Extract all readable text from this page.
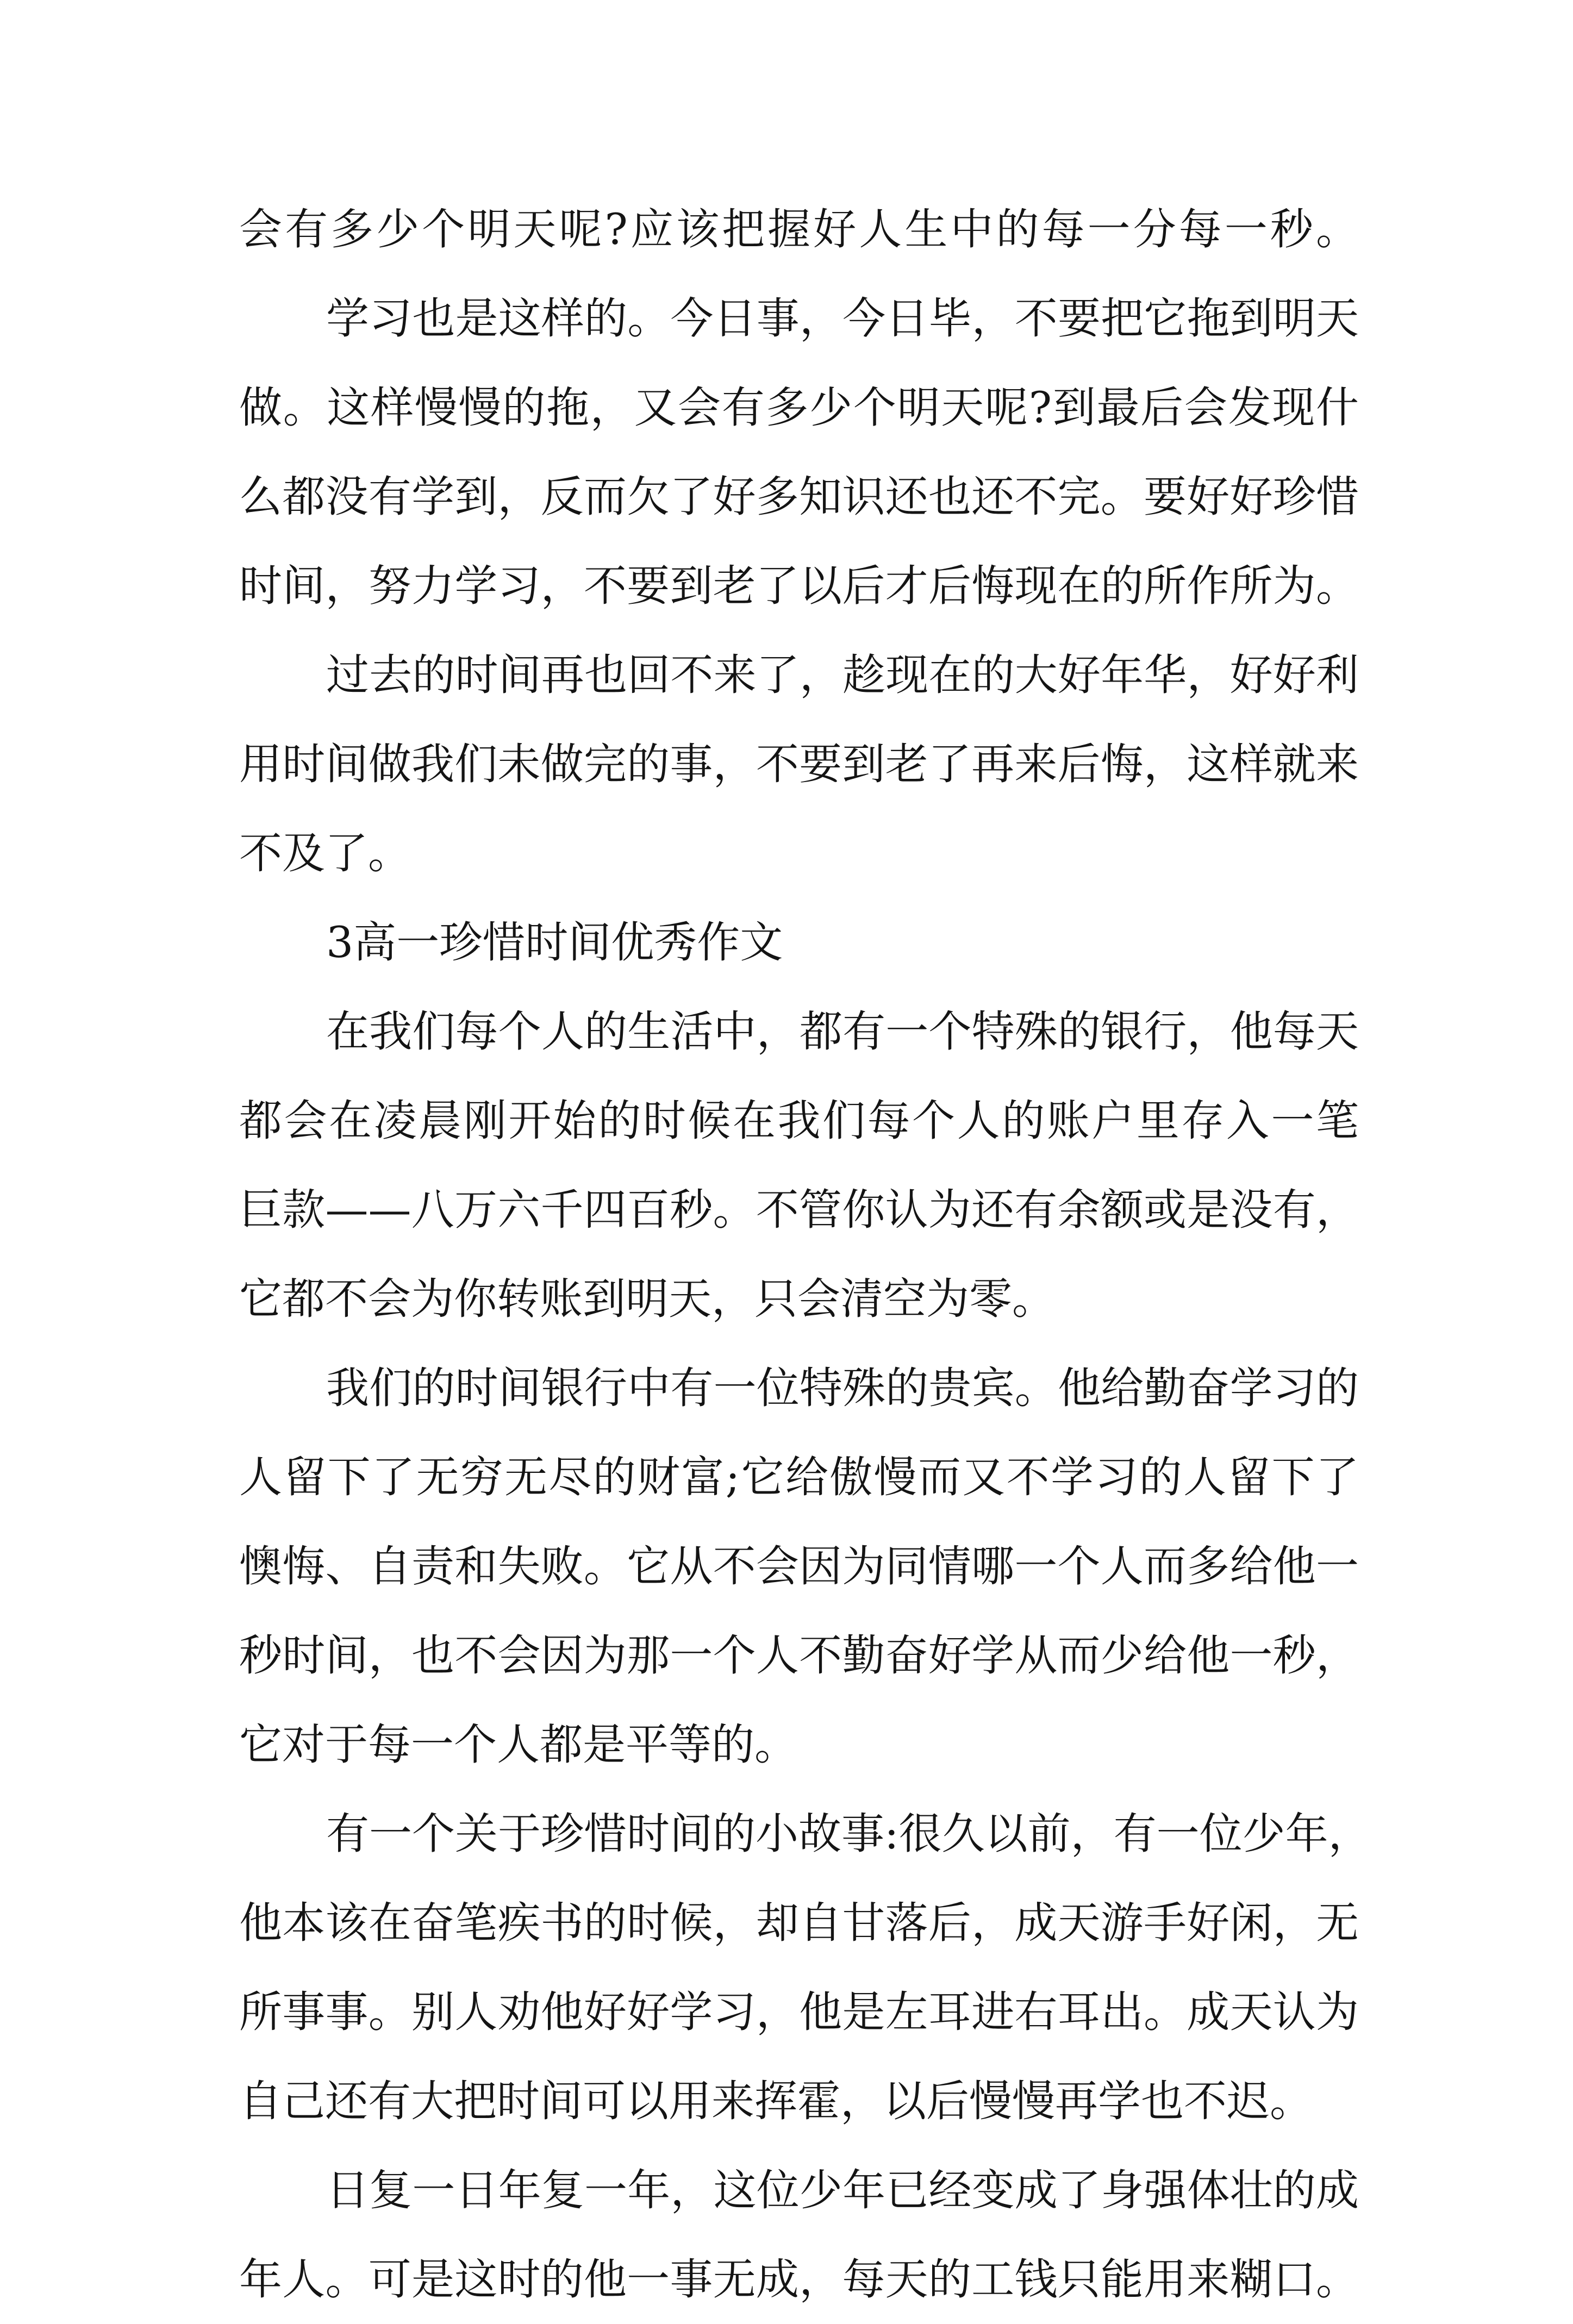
会有多少个明天呢?应该把握好人生中的每一分每一秒。
学习也是这样的。今日事，今日毕，不要把它拖到明天
做。这样慢慢的拖，又会有多少个明天呢?到最后会发现什
么都没有学到，反而欠了好多知识还也还不完。要好好珍惜
时间，努力学习，不要到老了以后才后悔现在的所作所为。
过去的时间再也回不来了，趁现在的大好年华，好好利
用时间做我们未做完的事，不要到老了再来后悔，这样就来
不及了。
3高一珍惜时间优秀作文
在我们每个人的生活中，都有一个特殊的银行，他每天
都会在凌晨刚开始的时候在我们每个人的账户里存入一笔
巨款——八万六千四百秒。不管你认为还有余额或是没有，
它都不会为你转账到明天，只会清空为零。
我们的时间银行中有一位特殊的贵宾。他给勤奋学习的
人留下了无穷无尽的财富;它给傲慢而又不学习的人留下了
懊悔、自责和失败。它从不会因为同情哪一个人而多给他一
秒时间，也不会因为那一个人不勤奋好学从而少给他一秒，
它对于每一个人都是平等的。
有一个关于珍惜时间的小故事:很久以前，有一位少年，
他本该在奋笔疾书的时候，却自甘落后，成天游手好闲，无
所事事。别人劝他好好学习，他是左耳进右耳出。成天认为
自己还有大把时间可以用来挥霍，以后慢慢再学也不迟。
日复一日年复一年，这位少年已经变成了身强体壮的成
年人。可是这时的他一事无成，每天的工钱只能用来糊口。
